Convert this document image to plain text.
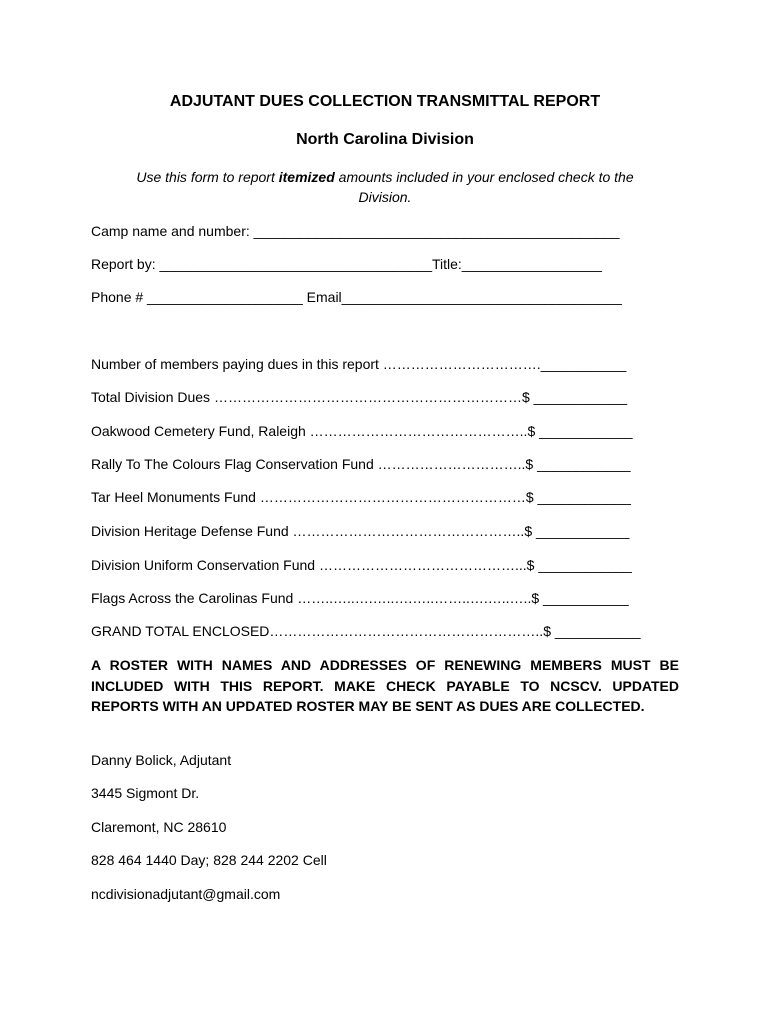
ADJUTANT DUES COLLECTION TRANSMITTAL REPORT
North Carolina Division
Use this form to report itemized amounts included in your enclosed check to the Division.
Camp name and number: _______________________________________________
Report by: ___________________________________Title:__________________
Phone # ____________________ Email____________________________________
Number of members paying dues in this report …………………………….___________
Total Division Dues …………………………………………………………$ ____________
Oakwood Cemetery Fund, Raleigh ………………………………………..$ ____________
Rally To The Colours Flag Conservation Fund …………………………..$ ____________
Tar Heel Monuments Fund …………………………………………………$ ____________
Division Heritage Defense Fund …………………………………………..$ ____________
Division Uniform Conservation Fund ……………………………………...$ ____________
Flags Across the Carolinas Fund ……..…..….…..….…..……..….…..…..$ ___________
GRAND TOTAL ENCLOSED…………………………………………………..$ ___________
A ROSTER WITH NAMES AND ADDRESSES OF RENEWING MEMBERS MUST BE INCLUDED WITH THIS REPORT. MAKE CHECK PAYABLE TO NCSCV. UPDATED REPORTS WITH AN UPDATED ROSTER MAY BE SENT AS DUES ARE COLLECTED.
Danny Bolick, Adjutant
3445 Sigmont Dr.
Claremont, NC 28610
828 464 1440 Day; 828 244 2202 Cell
ncdivisionadjutant@gmail.com
